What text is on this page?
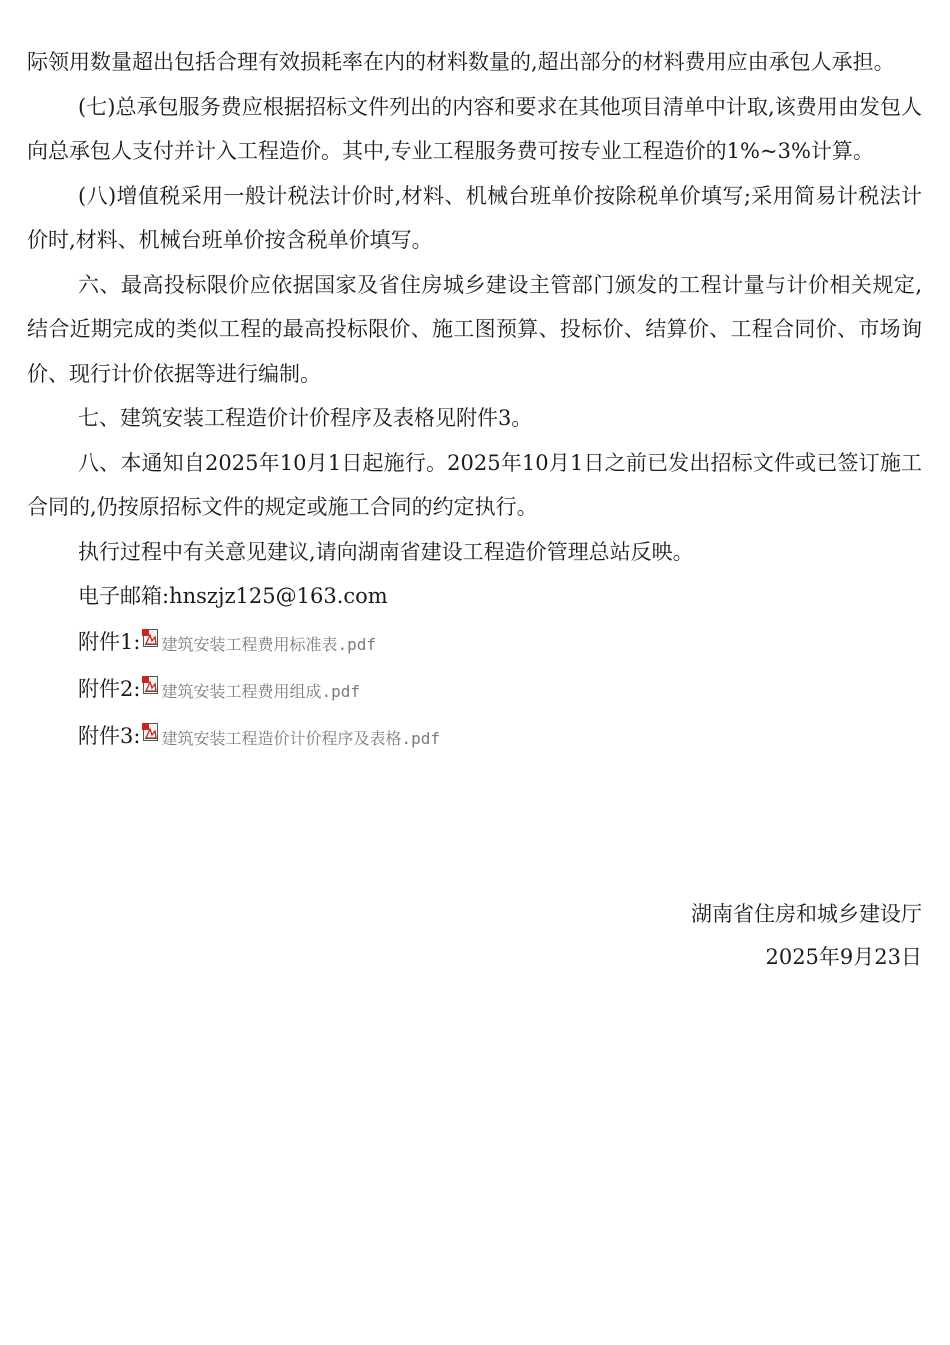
际领用数量超出包括合理有效损耗率在内的材料数量的,超出部分的材料费用应由承包人承担。

(七)总承包服务费应根据招标文件列出的内容和要求在其他项目清单中计取,该费用由发包人向总承包人支付并计入工程造价。其中,专业工程服务费可按专业工程造价的1%~3%计算。

(八)增值税采用一般计税法计价时,材料、机械台班单价按除税单价填写;采用简易计税法计价时,材料、机械台班单价按含税单价填写。

六、最高投标限价应依据国家及省住房城乡建设主管部门颁发的工程计量与计价相关规定,结合近期完成的类似工程的最高投标限价、施工图预算、投标价、结算价、工程合同价、市场询价、现行计价依据等进行编制。

七、建筑安装工程造价计价程序及表格见附件3。

八、本通知自2025年10月1日起施行。2025年10月1日之前已发出招标文件或已签订施工合同的,仍按原招标文件的规定或施工合同的约定执行。

执行过程中有关意见建议,请向湖南省建设工程造价管理总站反映。

电子邮箱:hnszjz125@163.com

附件1: 建筑安装工程费用标准表.pdf
附件2: 建筑安装工程费用组成.pdf
附件3: 建筑安装工程造价计价程序及表格.pdf
湖南省住房和城乡建设厅
2025年9月23日
